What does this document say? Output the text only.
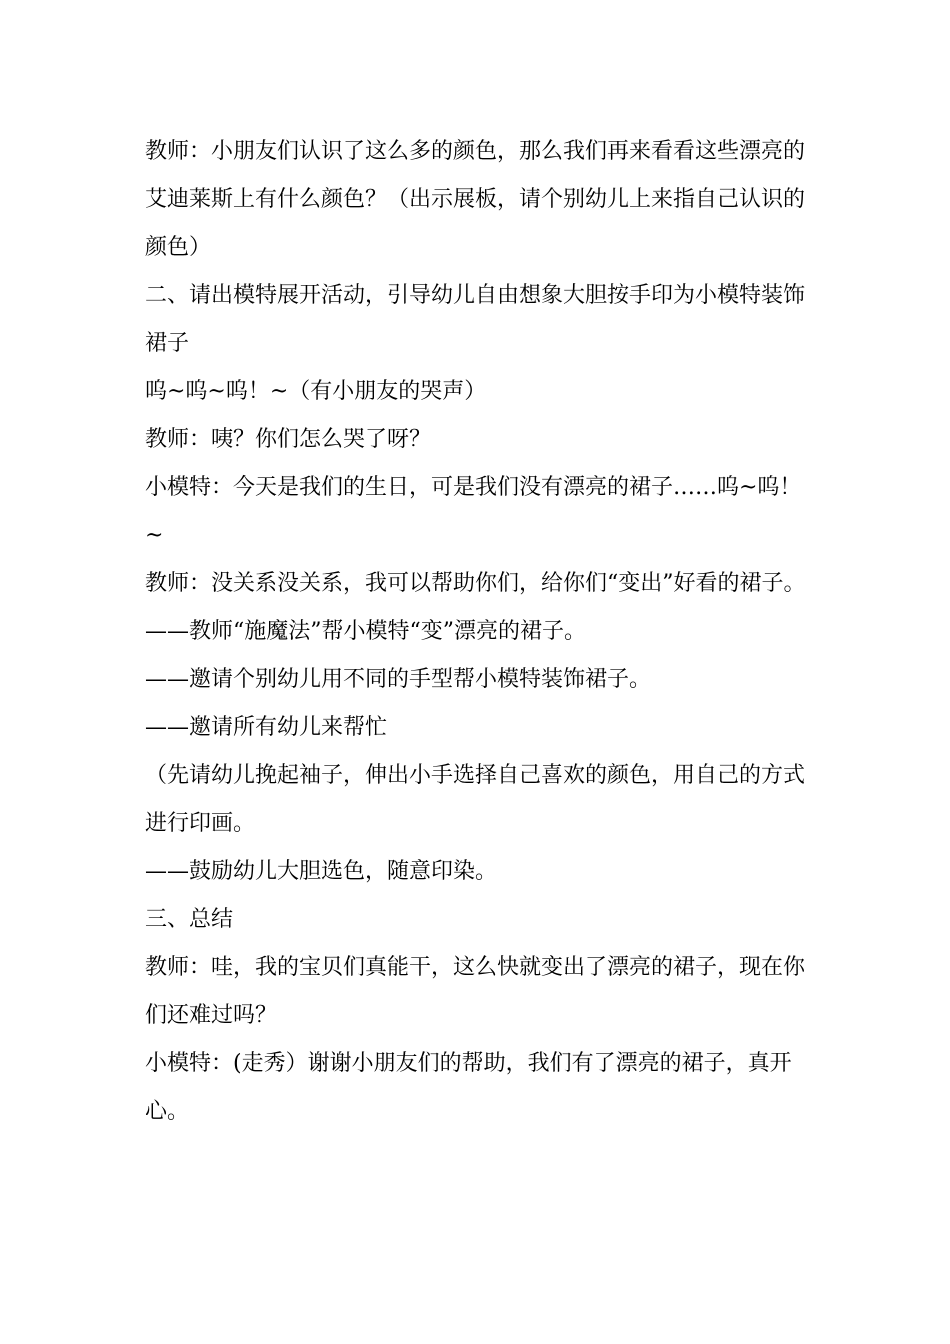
教师：小朋友们认识了这么多的颜色，那么我们再来看看这些漂亮的艾迪莱斯上有什么颜色？（出示展板，请个别幼儿上来指自己认识的颜色）

二、请出模特展开活动，引导幼儿自由想象大胆按手印为小模特装饰裙子

呜~呜~呜！~（有小朋友的哭声）

教师：咦？你们怎么哭了呀？

小模特：今天是我们的生日，可是我们没有漂亮的裙子……呜~呜！~

教师：没关系没关系，我可以帮助你们，给你们“变出”好看的裙子。

——教师“施魔法”帮小模特“变”漂亮的裙子。

——邀请个别幼儿用不同的手型帮小模特装饰裙子。

——邀请所有幼儿来帮忙

（先请幼儿挽起袖子，伸出小手选择自己喜欢的颜色，用自己的方式进行印画。

——鼓励幼儿大胆选色，随意印染。

三、总结

教师：哇，我的宝贝们真能干，这么快就变出了漂亮的裙子，现在你们还难过吗？

小模特：(走秀）谢谢小朋友们的帮助，我们有了漂亮的裙子，真开心。
